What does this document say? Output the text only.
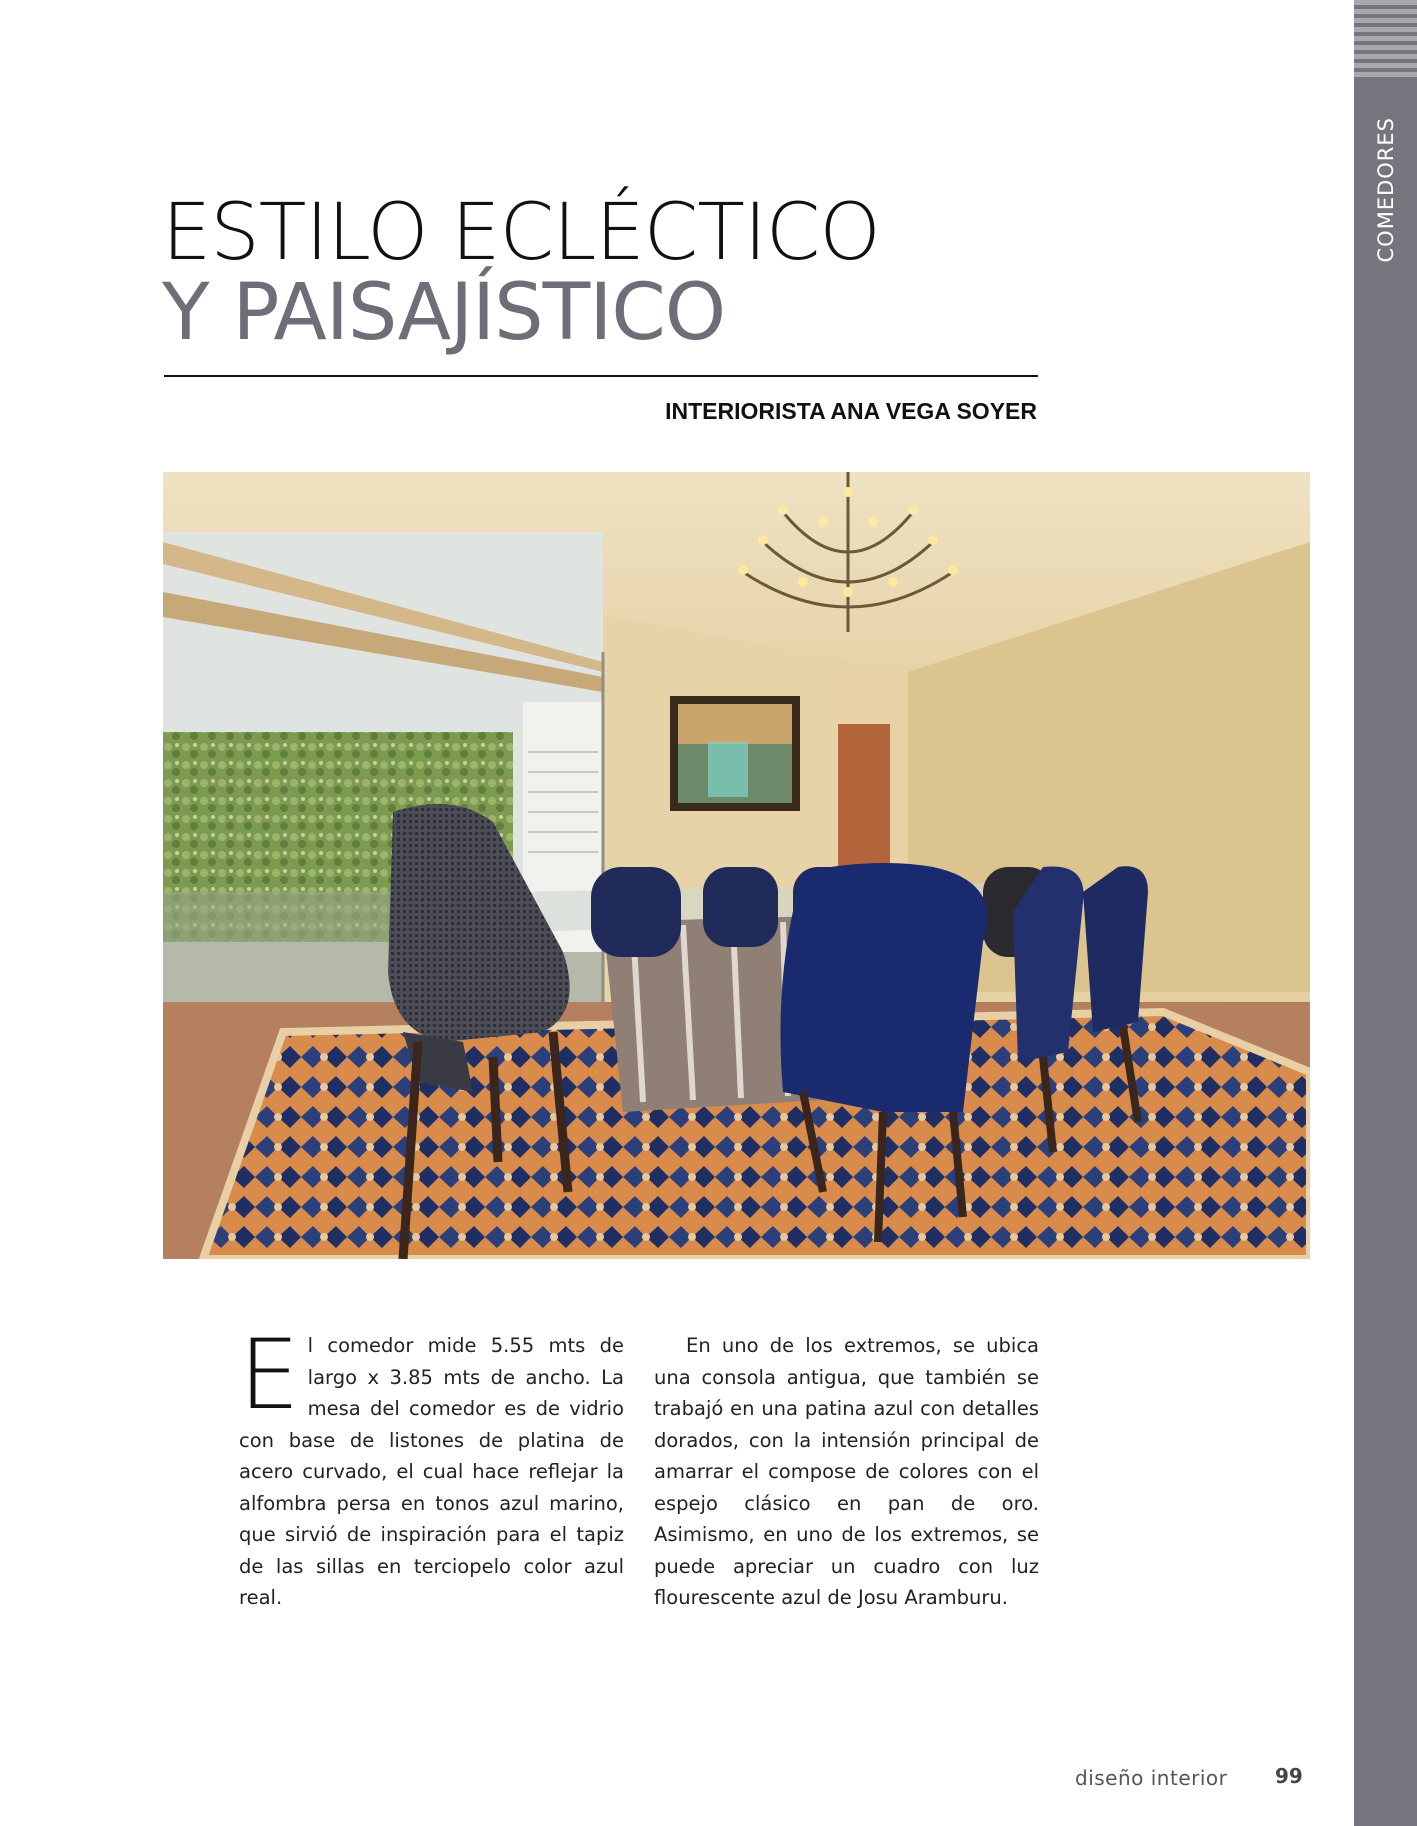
COMEDORES
ESTILO ECLÉCTICO
Y PAISAJÍSTICO
INTERIORISTA ANA VEGA SOYER

El comedor mide 5.55 mts de largo x 3.85 mts de ancho. La mesa del comedor es de vidrio con base de listones de platina de acero curvado, el cual hace reflejar la alfombra persa en tonos azul marino, que sirvió de inspiración para el tapiz de las sillas en terciopelo color azul real.

En uno de los extremos, se ubica una consola antigua, que también se trabajó en una patina azul con detalles dorados, con la intensión principal de amarrar el compose de colores con el espejo clásico en pan de oro. Asimismo, en uno de los extremos, se puede apreciar un cuadro con luz flourescente azul de Josu Aramburu.

diseño interior 99
